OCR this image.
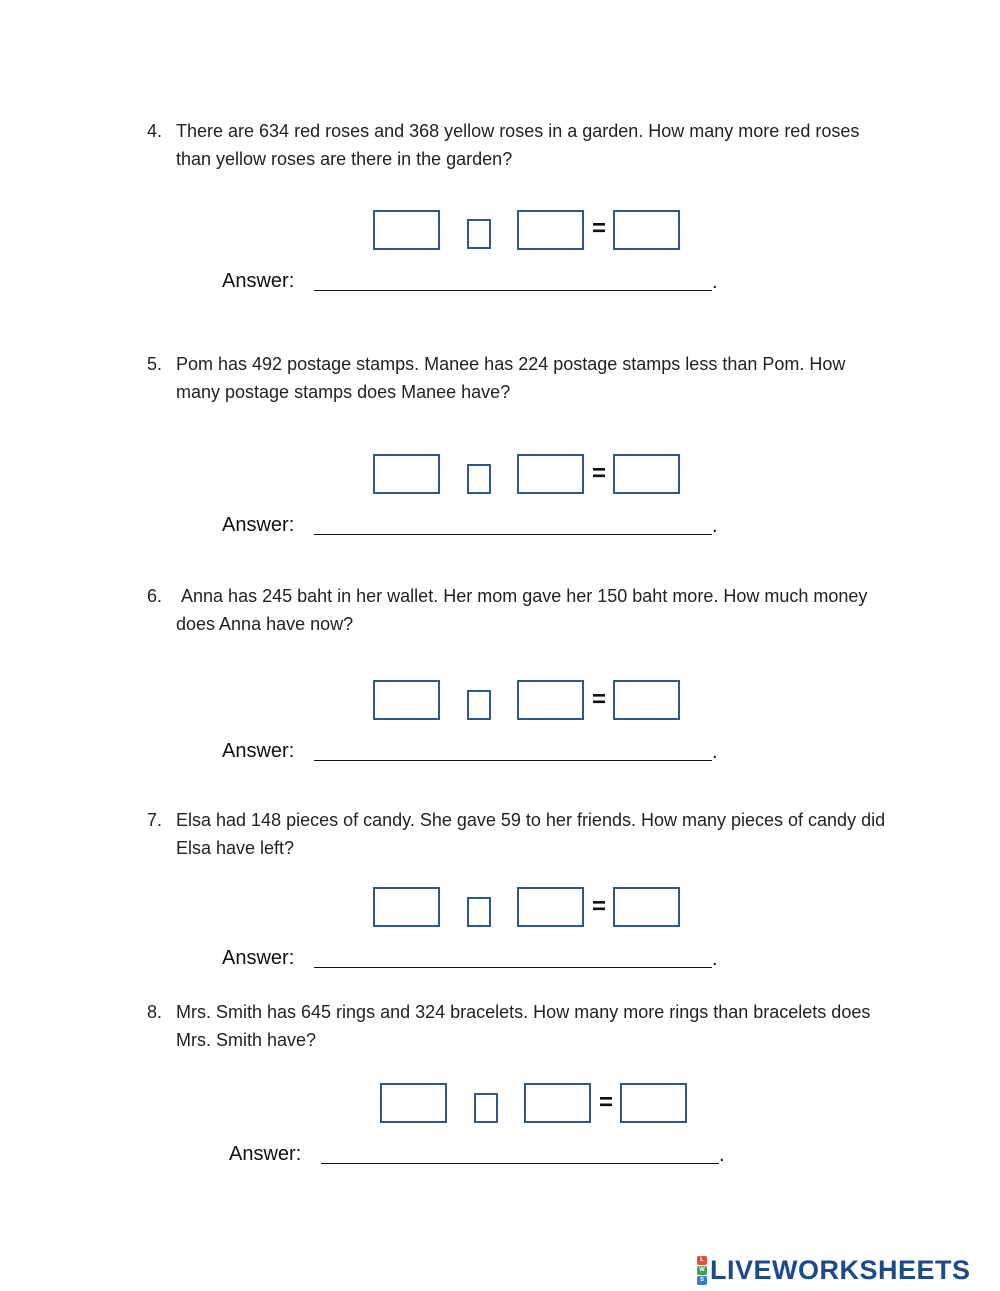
4. There are 634 red roses and 368 yellow roses in a garden. How many more red roses than yellow roses are there in the garden?
=
Answer:	.
5. Pom has 492 postage stamps. Manee has 224 postage stamps less than Pom. How many postage stamps does Manee have?
=
Answer:	.
6. Anna has 245 baht in her wallet. Her mom gave her 150 baht more. How much money does Anna have now?
=
Answer:	.
7. Elsa had 148 pieces of candy. She gave 59 to her friends. How many pieces of candy did Elsa have left?
=
Answer:	.
8. Mrs. Smith has 645 rings and 324 bracelets. How many more rings than bracelets does Mrs. Smith have?
=
Answer:	.
L
W
S LIVEWORKSHEETS
